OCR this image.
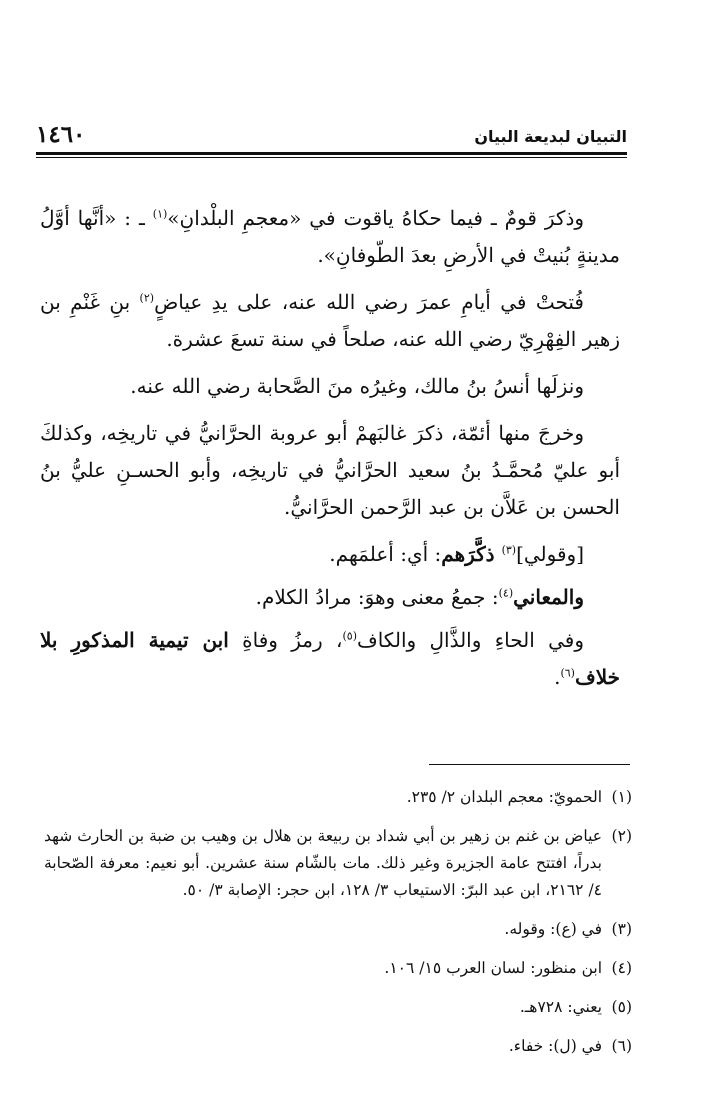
١٤٦٠	التبيان لبديعة البيان

وذكرَ قومٌ ـ فيما حكاهُ ياقوت في «معجمِ البلْدانِ»$^{(١)}$ ـ : «أنَّها أوَّلُ مدينةٍ بُنيتْ في الأرضِ بعدَ الطّوفانِ».

فُتحتْ في أيامِ عمرَ رضي الله عنه، على يدِ عياضٍ$^{(٢)}$ بنِ غَنْمِ بن زهير الفِهْرِيّ رضي الله عنه، صلحاً في سنة تسعَ عشرة.

ونزلَها أنسُ بنُ مالك، وغيرُه منَ الصَّحابة رضي الله عنه.

وخرجَ منها أئمّة، ذكرَ غالبَهمْ أبو عروبة الحرَّانيُّ في تاريخِه، وكذلكَ أبو عليّ مُحمَّـدُ بنُ سعيد الحرَّانيُّ في تاريخِه، وأبو الحسـنِ عليُّ بنُ الحسن بن عَلاَّن بن عبد الرَّحمن الحرَّانيُّ.

[وقولي]$^{(٣)}$ ذكَّرَهم: أي: أعلمَهم.

والمعاني$^{(٤)}$: جمعُ معنى وهوَ: مرادُ الكلام.

وفي الحاءِ والذَّالِ والكاف$^{(٥)}$، رمزُ وفاةِ ابن تيمية المذكورِ بلا خلاف$^{(٦)}$.

(١)
الحمويّ: معجم البلدان ٢/ ٢٣٥.
(٢)
عياض بن غنم بن زهير بن أبي شداد بن ربيعة بن هلال بن وهيب بن ضبة بن الحارث شهد بدراً، افتتح عامة الجزيرة وغير ذلك. مات بالشّام سنة عشرين. أبو نعيم: معرفة الصّحابة ٤/ ٢١٦٢، ابن عبد البرّ: الاستيعاب ٣/ ١٢٨، ابن حجر: الإصابة ٣/ ٥٠.
(٣)
في (ع): وقوله.
(٤)
ابن منظور: لسان العرب ١٥/ ١٠٦.
(٥)
يعني: ٧٢٨هـ.
(٦)
في (ل): خفاء.
